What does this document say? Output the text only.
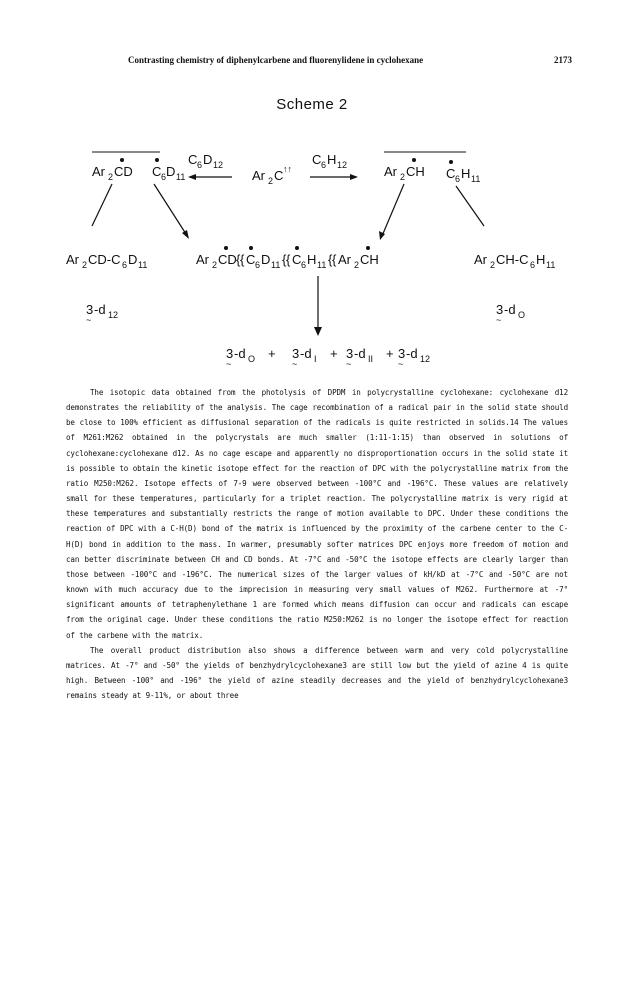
Contrasting chemistry of diphenylcarbene and fluorenylidene in cyclohexane	2173
Scheme 2
Ar 2 CD C 6 D 11
C 6 D 12
Ar 2 C ↑↑
C 6 H 12	Ar 2 CH C 6 H 11
Ar 2 CD-C 6 D 11	Ar 2 CD { { C 6 D 11 { { C 6 H 11 { { Ar 2 CH	Ar 2 CH-C 6 H 11
3 -d 12
~
3 -d O
~
3 -d O
~
+ 3 -d I
~
+ 3 -d II
~
+ 3 -d 12
~

The isotopic data obtained from the photolysis of DPDM in polycrystalline cyclohexane: cyclohexane d12 demonstrates the reliability of the analysis. The cage recombination of a radical pair in the solid state should be close to 100% efficient as diffusional separation of the radicals is quite restricted in solids.14 The values of M261:M262 obtained in the polycrystals are much smaller (1:11-1:15) than observed in solutions of cyclohexane:cyclohexane d12. As no cage escape and apparently no disproportionation occurs in the solid state it is possible to obtain the kinetic isotope effect for the reaction of DPC with the polycrystalline matrix from the ratio M250:M262. Isotope effects of 7-9 were observed between -100°C and -196°C. These values are relatively small for these temperatures, particularly for a triplet reaction. The polycrystalline matrix is very rigid at these temperatures and substantially restricts the range of motion available to DPC. Under these conditions the reaction of DPC with a C-H(D) bond of the matrix is influenced by the proximity of the carbene center to the C-H(D) bond in addition to the mass. In warmer, presumably softer matrices DPC enjoys more freedom of motion and can better discriminate between CH and CD bonds. At -7°C and -50°C the isotope effects are clearly larger than those between -100°C and -196°C. The numerical sizes of the larger values of kH/kD at -7°C and -50°C are not known with much accuracy due to the imprecision in measuring very small values of M262. Furthermore at -7° significant amounts of tetraphenylethane 1 are formed which means diffusion can occur and radicals can escape from the original cage. Under these conditions the ratio M250:M262 is no longer the isotope effect for reaction of the carbene with the matrix.

The overall product distribution also shows a difference between warm and very cold polycrystalline matrices. At -7° and -50° the yields of benzhydrylcyclohexane3 are still low but the yield of azine 4 is quite high. Between -100° and -196° the yield of azine steadily decreases and the yield of benzhydrylcyclohexane3 remains steady at 9-11%, or about three
